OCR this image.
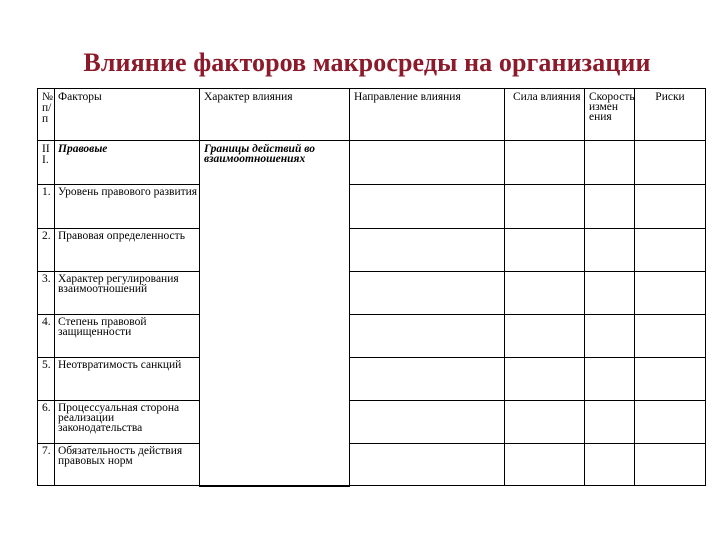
Влияние факторов макросреды на организации
№ п/п	Факторы	Характер влияния	Направление влияния	Сила влияния	Скорость измен ения	Риски
III.	Правовые	Границы действий во взаимоотношениях				
1.	Уровень правового развития					
2.	Правовая определенность					
3.	Характер регулирования взаимоотношений					
4.	Степень правовой защищенности					
5.	Неотвратимость санкций					
6.	Процессуальная сторона реализации законодательства					
7.	Обязательность действия правовых норм					
